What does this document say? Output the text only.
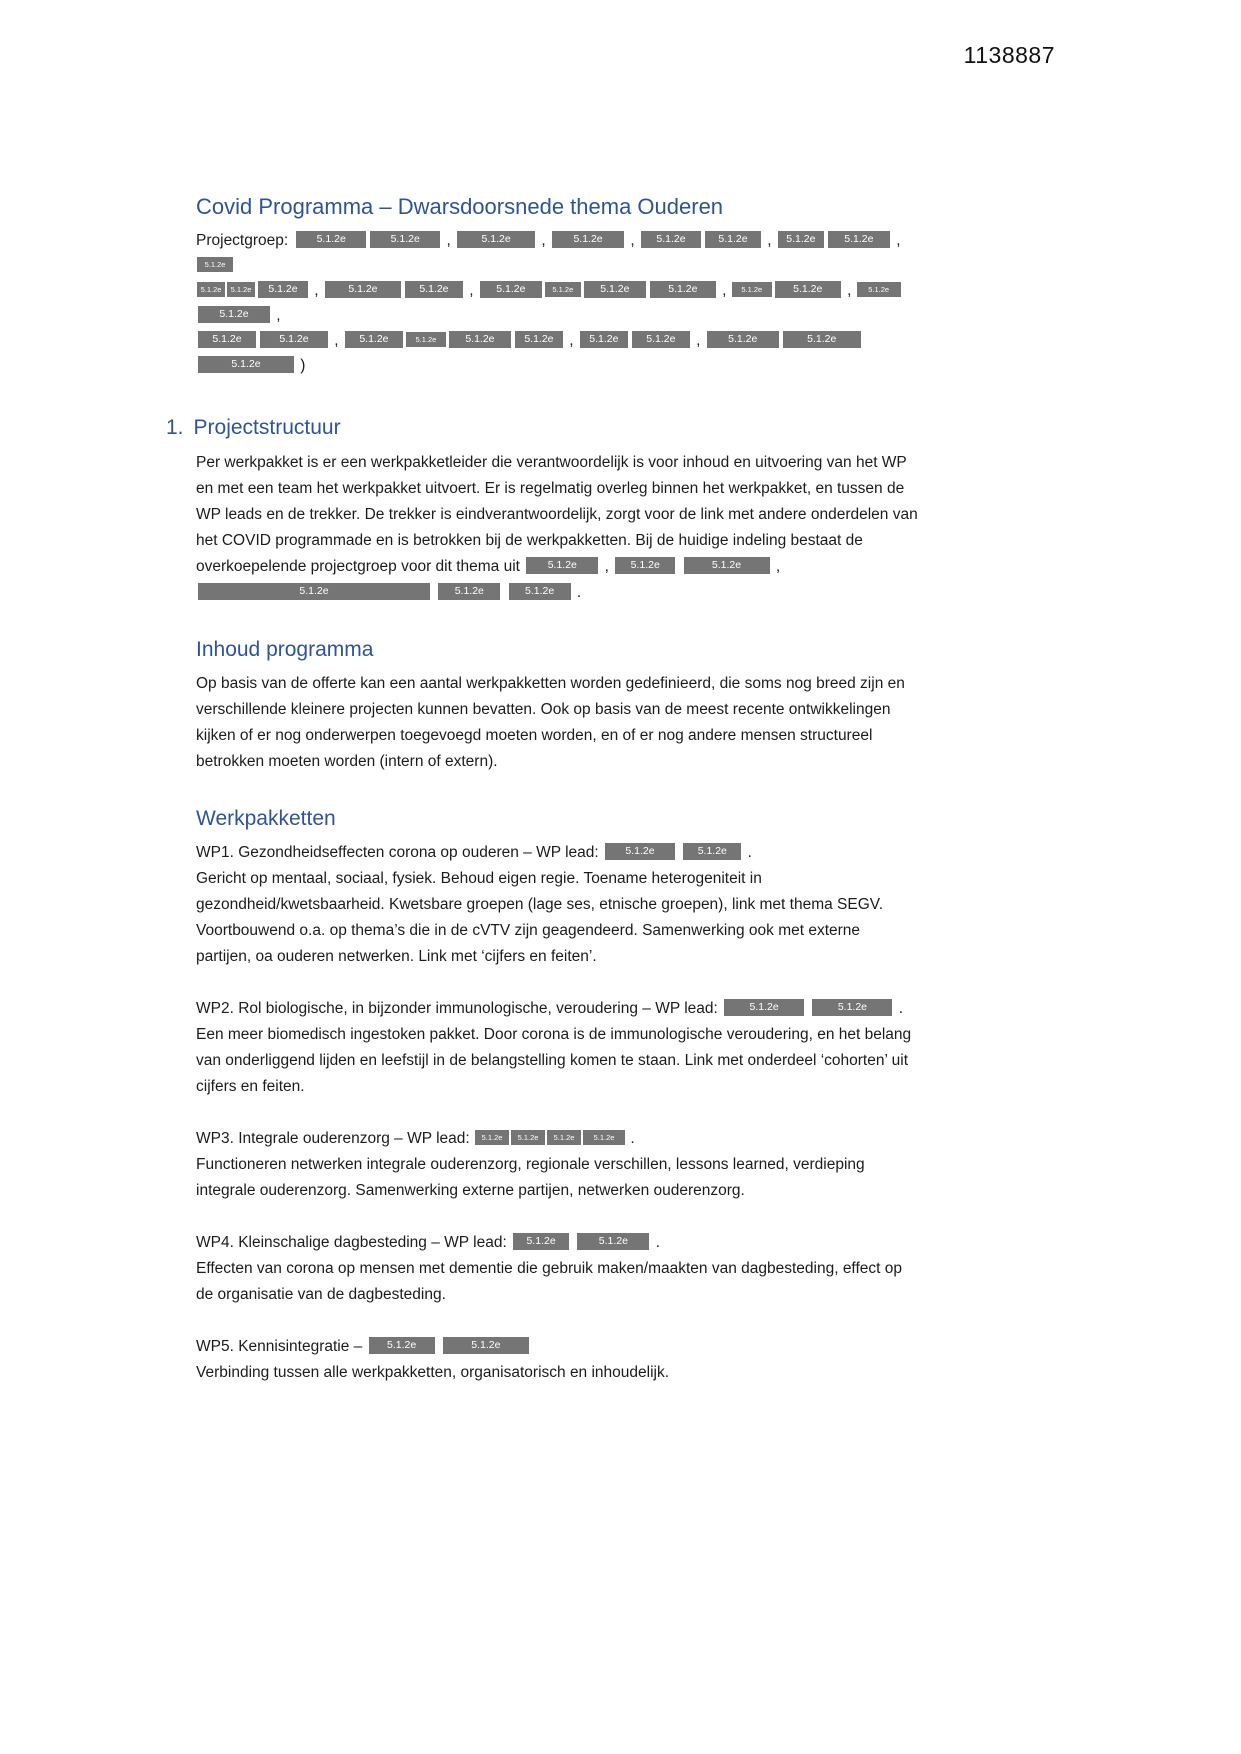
1138887
Covid Programma – Dwarsdoorsnede thema Ouderen

Projectgroep:	5.1.2e	5.1.2e ,	5.1.2e , 5.1.2e , 5.1.2e	5.1.2e , 5.1.2e	5.1.2e , 5.1.2e
5.1.2e 5.1.2e 5.1.2e , 5.1.2e	5.1.2e , 5.1.2e	5.1.2e	5.1.2e	5.1.2e , 5.1.2e	5.1.2e , 5.1.2e5.1.2e ,
5.1.2e	5.1.2e , 5.1.2e	5.1.2e	5.1.2e	5.1.2e , 5.1.2e	5.1.2e , 5.1.2e	5.1.2e
5.1.2e )

1. Projectstructuur

Per werkpakket is er een werkpakketleider die verantwoordelijk is voor inhoud en uitvoering van het WP en met een team het werkpakket uitvoert. Er is regelmatig overleg binnen het werkpakket, en tussen de WP leads en de trekker. De trekker is eindverantwoordelijk, zorgt voor de link met andere onderdelen van het COVID programmade en is betrokken bij de werkpakketten. Bij de huidige indeling bestaat de overkoepelende projectgroep voor dit thema uit 5.1.2e , 5.1.2e	5.1.2e , 5.1.2e	5.1.2e	5.1.2e .

Inhoud programma

Op basis van de offerte kan een aantal werkpakketten worden gedefinieerd, die soms nog breed zijn en verschillende kleinere projecten kunnen bevatten. Ook op basis van de meest recente ontwikkelingen kijken of er nog onderwerpen toegevoegd moeten worden, en of er nog andere mensen structureel betrokken moeten worden (intern of extern).

Werkpakketten

WP1. Gezondheidseffecten corona op ouderen – WP lead: 5.1.2e	5.1.2e .

Gericht op mentaal, sociaal, fysiek. Behoud eigen regie. Toename heterogeniteit in gezondheid/kwetsbaarheid. Kwetsbare groepen (lage ses, etnische groepen), link met thema SEGV. Voortbouwend o.a. op thema’s die in de cVTV zijn geagendeerd. Samenwerking ook met externe partijen, oa ouderen netwerken. Link met ‘cijfers en feiten’.

WP2. Rol biologische, in bijzonder immunologische, veroudering – WP lead:	5.1.2e	5.1.2e .

Een meer biomedisch ingestoken pakket. Door corona is de immunologische veroudering, en het belang van onderliggend lijden en leefstijl in de belangstelling komen te staan. Link met onderdeel ‘cohorten’ uit cijfers en feiten.

WP3. Integrale ouderenzorg – WP lead: 5.1.2e 5.1.2e 5.1.2e	5.1.2e .

Functioneren netwerken integrale ouderenzorg, regionale verschillen, lessons learned, verdieping integrale ouderenzorg. Samenwerking externe partijen, netwerken ouderenzorg.

WP4. Kleinschalige dagbesteding – WP lead: 5.1.2e	5.1.2e .

Effecten van corona op mensen met dementie die gebruik maken/maakten van dagbesteding, effect op de organisatie van de dagbesteding.

WP5. Kennisintegratie – 5.1.2e	5.1.2e

Verbinding tussen alle werkpakketten, organisatorisch en inhoudelijk.
